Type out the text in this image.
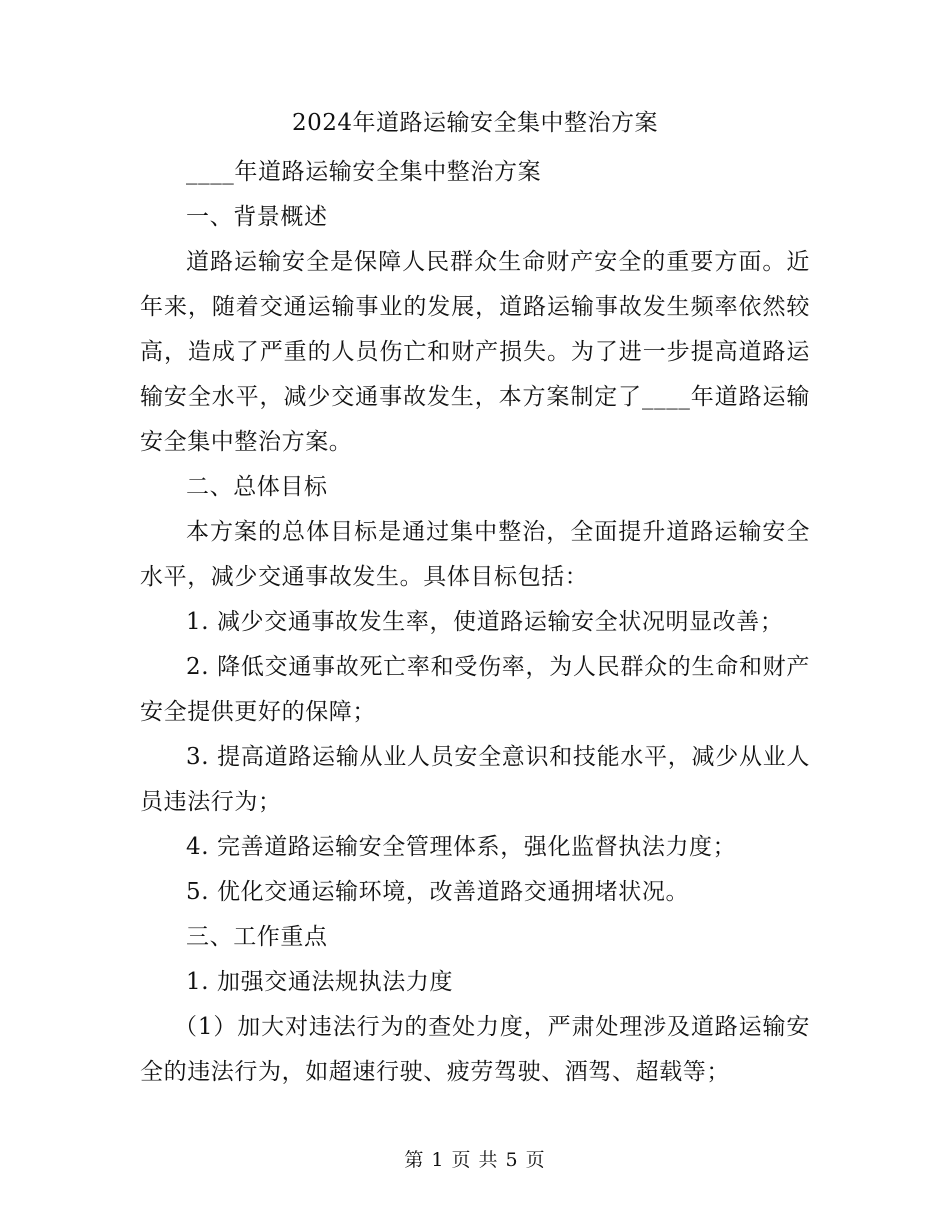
2024年道路运输安全集中整治方案

____年道路运输安全集中整治方案

一、背景概述

道路运输安全是保障人民群众生命财产安全的重要方面。近年来，随着交通运输事业的发展，道路运输事故发生频率依然较高，造成了严重的人员伤亡和财产损失。为了进一步提高道路运输安全水平，减少交通事故发生，本方案制定了____年道路运输安全集中整治方案。

二、总体目标

本方案的总体目标是通过集中整治，全面提升道路运输安全水平，减少交通事故发生。具体目标包括：

1. 减少交通事故发生率，使道路运输安全状况明显改善；

2. 降低交通事故死亡率和受伤率，为人民群众的生命和财产安全提供更好的保障；

3. 提高道路运输从业人员安全意识和技能水平，减少从业人员违法行为；

4. 完善道路运输安全管理体系，强化监督执法力度；

5. 优化交通运输环境，改善道路交通拥堵状况。

三、工作重点

1. 加强交通法规执法力度

（1）加大对违法行为的查处力度，严肃处理涉及道路运输安全的违法行为，如超速行驶、疲劳驾驶、酒驾、超载等；

第 1 页 共 5 页
